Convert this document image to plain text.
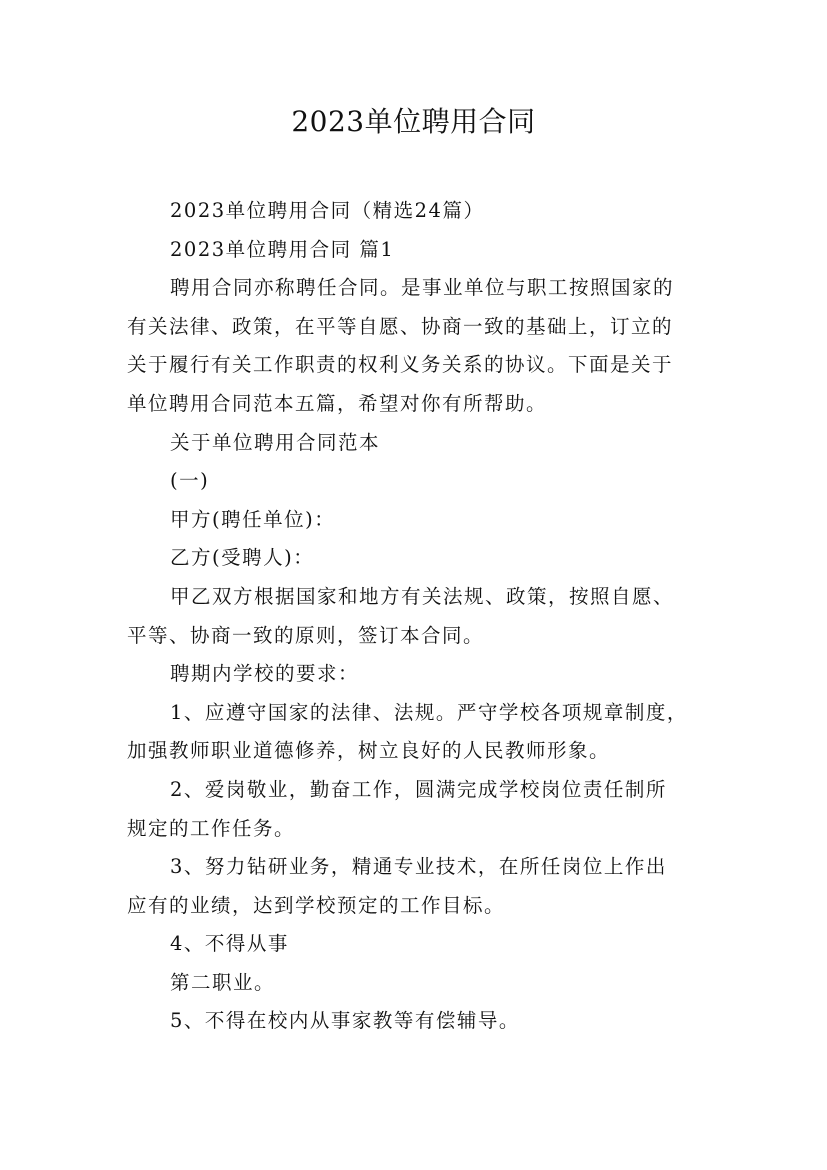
2023单位聘用合同

2023单位聘用合同（精选24篇）

2023单位聘用合同 篇1

聘用合同亦称聘任合同。是事业单位与职工按照国家的

有关法律、政策，在平等自愿、协商一致的基础上，订立的

关于履行有关工作职责的权利义务关系的协议。下面是关于

单位聘用合同范本五篇，希望对你有所帮助。

关于单位聘用合同范本

(一)

甲方(聘任单位)：

乙方(受聘人)：

甲乙双方根据国家和地方有关法规、政策，按照自愿、

平等、协商一致的原则，签订本合同。

聘期内学校的要求：

1、应遵守国家的法律、法规。严守学校各项规章制度，

加强教师职业道德修养，树立良好的人民教师形象。

2、爱岗敬业，勤奋工作，圆满完成学校岗位责任制所

规定的工作任务。

3、努力钻研业务，精通专业技术，在所任岗位上作出

应有的业绩，达到学校预定的工作目标。

4、不得从事

第二职业。

5、不得在校内从事家教等有偿辅导。
